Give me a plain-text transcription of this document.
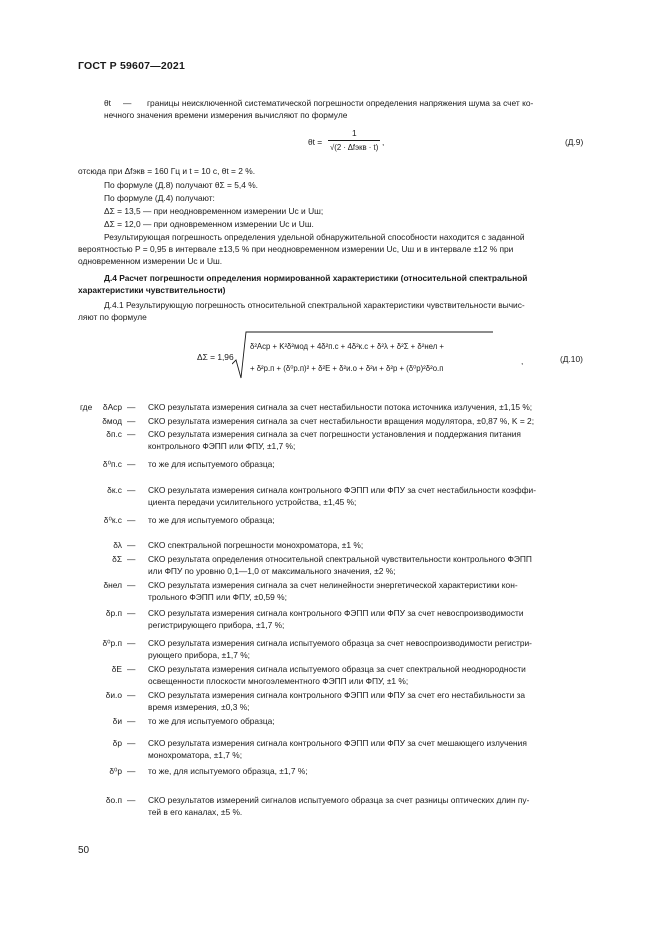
ГОСТ Р 59607—2021
θt — границы неисключенной систематической погрешности определения напряжения шума за счет ко-
нечного значения времени измерения вычисляют по формуле
θt =
1
√(2 · Δfэкв · t)
,	(Д.9)
отсюда при Δfэкв = 160 Гц и t = 10 с, θt = 2 %.
По формуле (Д.8) получают θΣ = 5,4 %.
По формуле (Д.4) получают:
ΔΣ = 13,5 — при неодновременном измерении Uс и Uш;
ΔΣ = 12,0 — при одновременном измерении Uс и Uш.
Результирующая погрешность определения удельной обнаружительной способности находится с заданной
вероятностью P = 0,95 в интервале ±13,5 % при неодновременном измерении Uс, Uш и в интервале ±12 % при
одновременном измерении Uс и Uш.
Д.4 Расчет погрешности определения нормированной характеристики (относительной спектральной
характеристики чувствительности)
Д.4.1 Результирующую погрешность относительной спектральной характеристики чувствительности вычис-
ляют по формуле
ΔΣ = 1,96
δ²Аср + K²δ²мод + 4δ²п.с + 4δ²к.с + δ²λ + δ²Σ + δ²нел +
+ δ²р.п + (δ⁰р.п)² + δ²E + δ²и.о + δ²и + δ²р + (δ⁰р)²δ²о.п
,	(Д.10)
где	δАср — СКО результата измерения сигнала за счет нестабильности потока источника излучения, ±1,15 %;
δмод — СКО результата измерения сигнала за счет нестабильности вращения модулятора, ±0,87 %, K = 2;
δп.с — СКО результата измерения сигнала за счет погрешности установления и поддержания питания
контрольного ФЭПП или ФПУ, ±1,7 %;
δ⁰п.с — то же для испытуемого образца;
δк.с — СКО результата измерения сигнала контрольного ФЭПП или ФПУ за счет нестабильности коэффи-
циента передачи усилительного устройства, ±1,45 %;
δ⁰к.с — то же для испытуемого образца;
δλ — СКО спектральной погрешности монохроматора, ±1 %;
δΣ — СКО результата определения относительной спектральной чувствительности контрольного ФЭПП
или ФПУ по уровню 0,1—1,0 от максимального значения, ±2 %;
δнел — СКО результата измерения сигнала за счет нелинейности энергетической характеристики кон-
трольного ФЭПП или ФПУ, ±0,59 %;
δр.п — СКО результата измерения сигнала контрольного ФЭПП или ФПУ за счет невоспроизводимости
регистрирующего прибора, ±1,7 %;
δ⁰р.п — СКО результата измерения сигнала испытуемого образца за счет невоспроизводимости регистри-
рующего прибора, ±1,7 %;
δE — СКО результата измерения сигнала испытуемого образца за счет спектральной неоднородности
освещенности плоскости многоэлементного ФЭПП или ФПУ, ±1 %;
δи.о — СКО результата измерения сигнала контрольного ФЭПП или ФПУ за счет его нестабильности за
время измерения, ±0,3 %;
δи — то же для испытуемого образца;
δр — СКО результата измерения сигнала контрольного ФЭПП или ФПУ за счет мешающего излучения
монохроматора, ±1,7 %;
δ⁰р — то же, для испытуемого образца, ±1,7 %;
δо.п — СКО результатов измерений сигналов испытуемого образца за счет разницы оптических длин пу-
тей в его каналах, ±5 %.
50
